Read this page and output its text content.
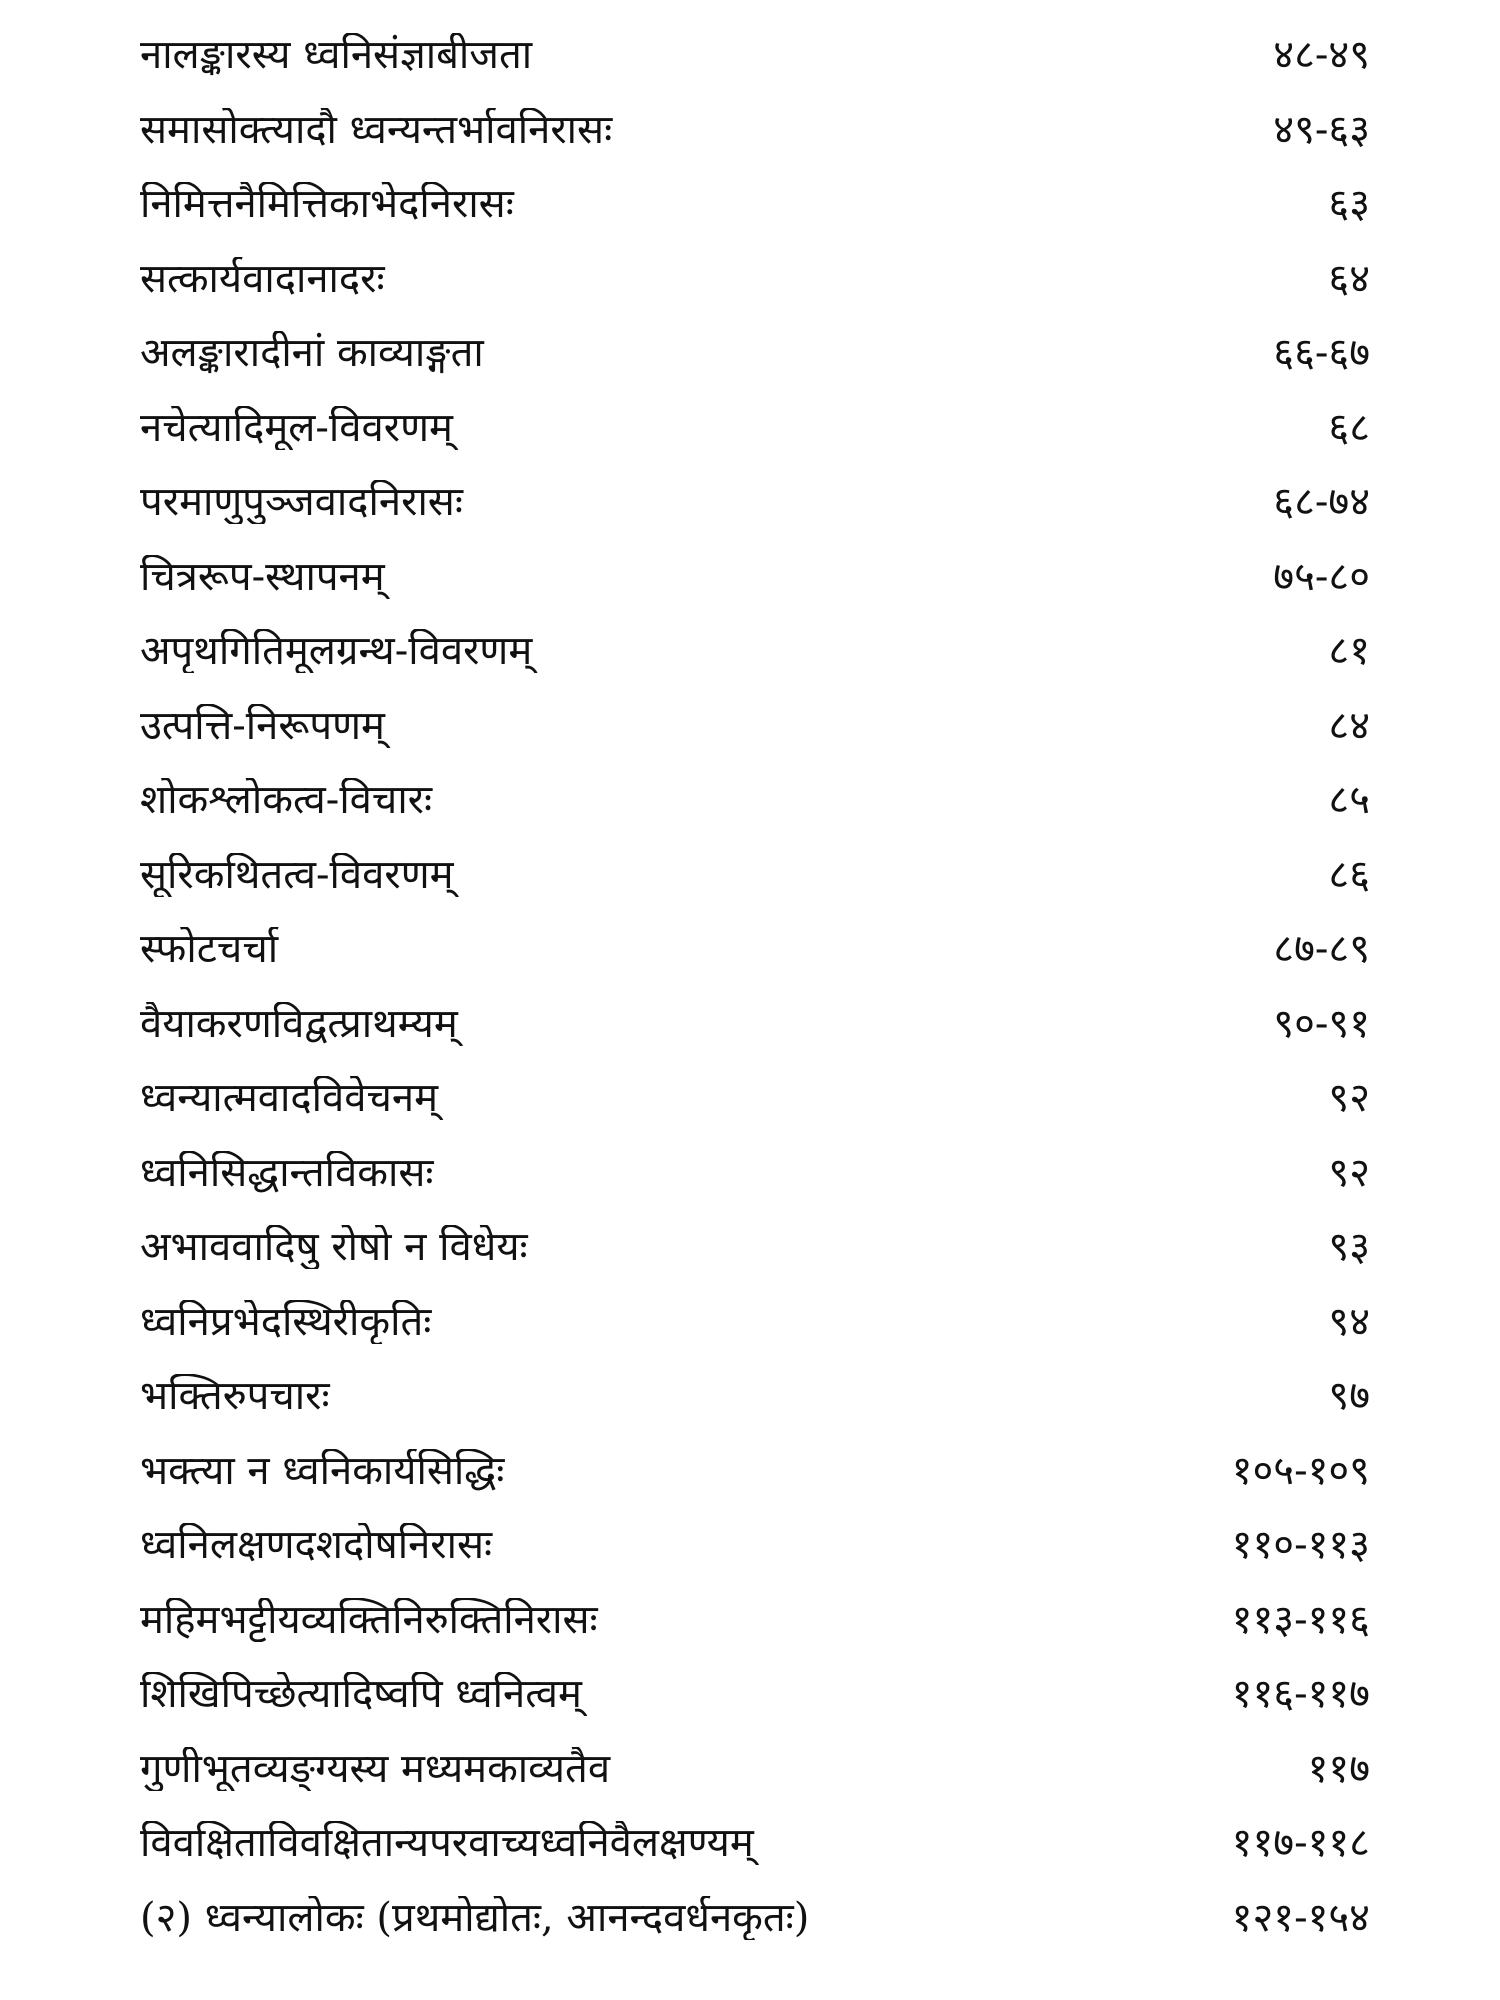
नालङ्कारस्य ध्वनिसंज्ञाबीजता	४८-४९
समासोक्त्यादौ ध्वन्यन्तर्भावनिरासः	४९-६३
निमित्तनैमित्तिकाभेदनिरासः	६३
सत्कार्यवादानादरः	६४
अलङ्कारादीनां काव्याङ्गता	६६-६७
नचेत्यादिमूल-विवरणम्	६८
परमाणुपुञ्जवादनिरासः	६८-७४
चित्ररूप-स्थापनम्	७५-८०
अपृथगितिमूलग्रन्थ-विवरणम्	८१
उत्पत्ति-निरूपणम्	८४
शोकश्लोकत्व-विचारः	८५
सूरिकथितत्व-विवरणम्	८६
स्फोटचर्चा	८७-८९
वैयाकरणविद्वत्प्राथम्यम्	९०-९१
ध्वन्यात्मवादविवेचनम्	९२
ध्वनिसिद्धान्तविकासः	९२
अभाववादिषु रोषो न विधेयः	९३
ध्वनिप्रभेदस्थिरीकृतिः	९४
भक्तिरुपचारः	९७
भक्त्या न ध्वनिकार्यसिद्धिः	१०५-१०९
ध्वनिलक्षणदशदोषनिरासः	११०-११३
महिमभट्टीयव्यक्तिनिरुक्तिनिरासः	११३-११६
शिखिपिच्छेत्यादिष्वपि ध्वनित्वम्	११६-११७
गुणीभूतव्यङ्ग्यस्य मध्यमकाव्यतैव	११७
विवक्षिताविवक्षितान्यपरवाच्यध्वनिवैलक्षण्यम्	११७-११८
(२) ध्वन्यालोकः (प्रथमोद्योतः, आनन्दवर्धनकृतः)	१२१-१५४
